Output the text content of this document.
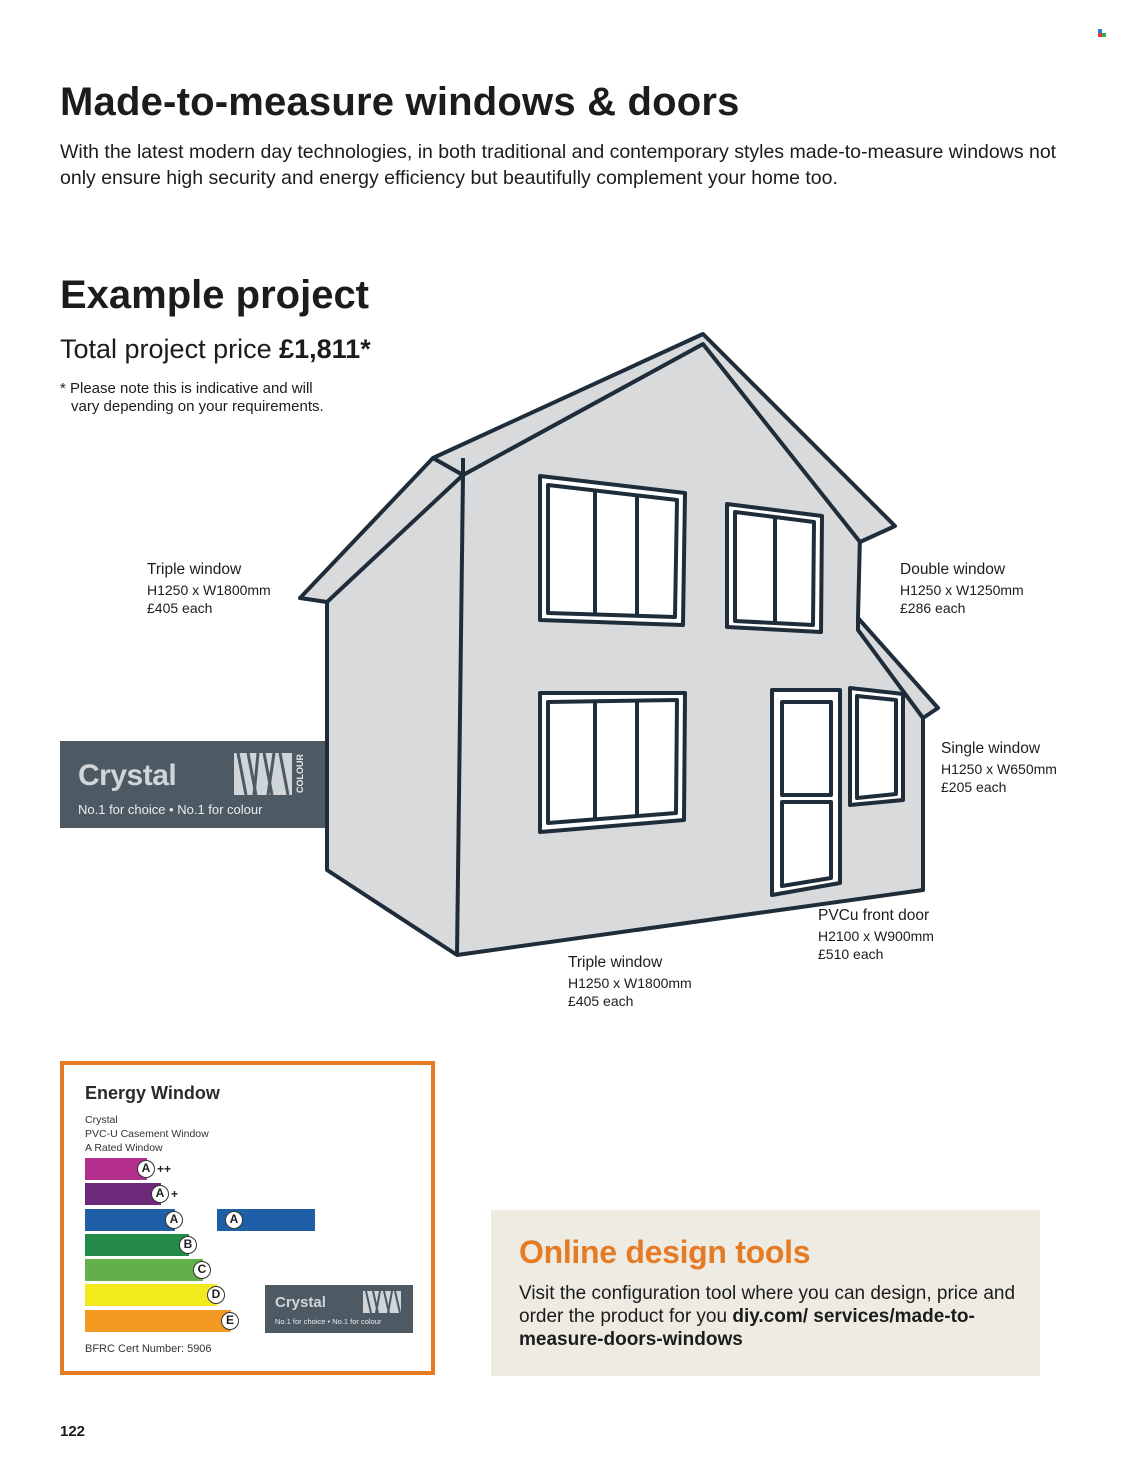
Made-to-measure windows & doors

With the latest modern day technologies, in both traditional and contemporary styles made-to-measure windows not only ensure high security and energy efficiency but beautifully complement your home too.

Example project
Total project price £1,811*
* Please note this is indicative and will
vary depending on your requirements.
Triple window
H1250 x W1800mm
£405 each
Double window
H1250 x W1250mm
£286 each
Single window
H1250 x W650mm
£205 each
PVCu front door
H2100 x W900mm
£510 each
Triple window
H1250 x W1800mm
£405 each
Crystal	COLOUR
No.1 for choice • No.1 for colour
Energy Window
Crystal
PVC-U Casement Window
A Rated Window
A ++
A +
A
B
C
D
E
A
Crystal
No.1 for choice • No.1 for colour
BFRC Cert Number: 5906
Online design tools
Visit the configuration tool where you can design, price and order the product for you diy.com/ services/made-to-measure-doors-windows
122
